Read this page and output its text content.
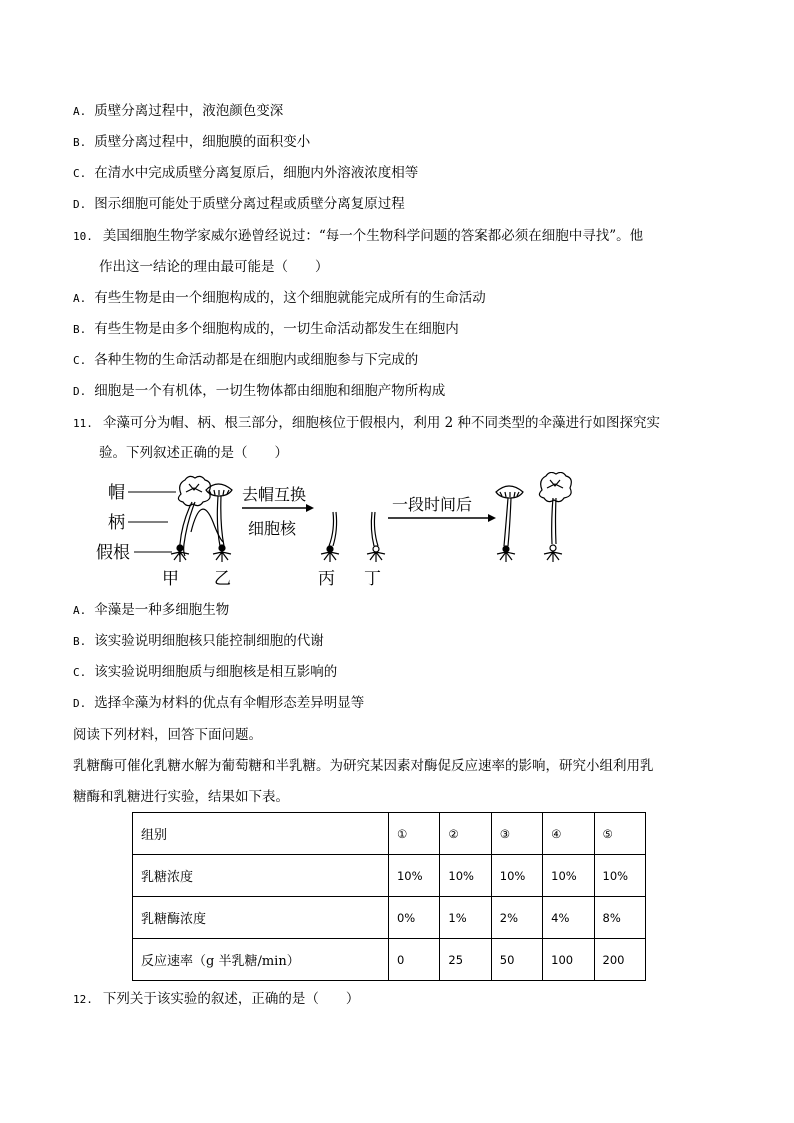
A. 质壁分离过程中，液泡颜色变深
B. 质壁分离过程中，细胞膜的面积变小
C. 在清水中完成质壁分离复原后，细胞内外溶液浓度相等
D. 图示细胞可能处于质壁分离过程或质壁分离复原过程
10. 美国细胞生物学家威尔逊曾经说过：“每一个生物科学问题的答案都必须在细胞中寻找”。他
作出这一结论的理由最可能是（　　）
A. 有些生物是由一个细胞构成的，这个细胞就能完成所有的生命活动
B. 有些生物是由多个细胞构成的，一切生命活动都发生在细胞内
C. 各种生物的生命活动都是在细胞内或细胞参与下完成的
D. 细胞是一个有机体，一切生物体都由细胞和细胞产物所构成
11. 伞藻可分为帽、柄、根三部分，细胞核位于假根内，利用 2 种不同类型的伞藻进行如图探究实
验。下列叙述正确的是（　　）
帽
柄
假根
去帽互换
细胞核
一段时间后
甲 乙	丙 丁
A. 伞藻是一种多细胞生物
B. 该实验说明细胞核只能控制细胞的代谢
C. 该实验说明细胞质与细胞核是相互影响的
D. 选择伞藻为材料的优点有伞帽形态差异明显等
阅读下列材料，回答下面问题。
乳糖酶可催化乳糖水解为葡萄糖和半乳糖。为研究某因素对酶促反应速率的影响，研究小组利用乳
糖酶和乳糖进行实验，结果如下表。
组别	①	②	③	④	⑤
乳糖浓度	10%	10%	10%	10%	10%
乳糖酶浓度	0%	1%	2%	4%	8%
反应速率（g 半乳糖/min）	0	25	50	100	200
12. 下列关于该实验的叙述，正确的是（　　）
